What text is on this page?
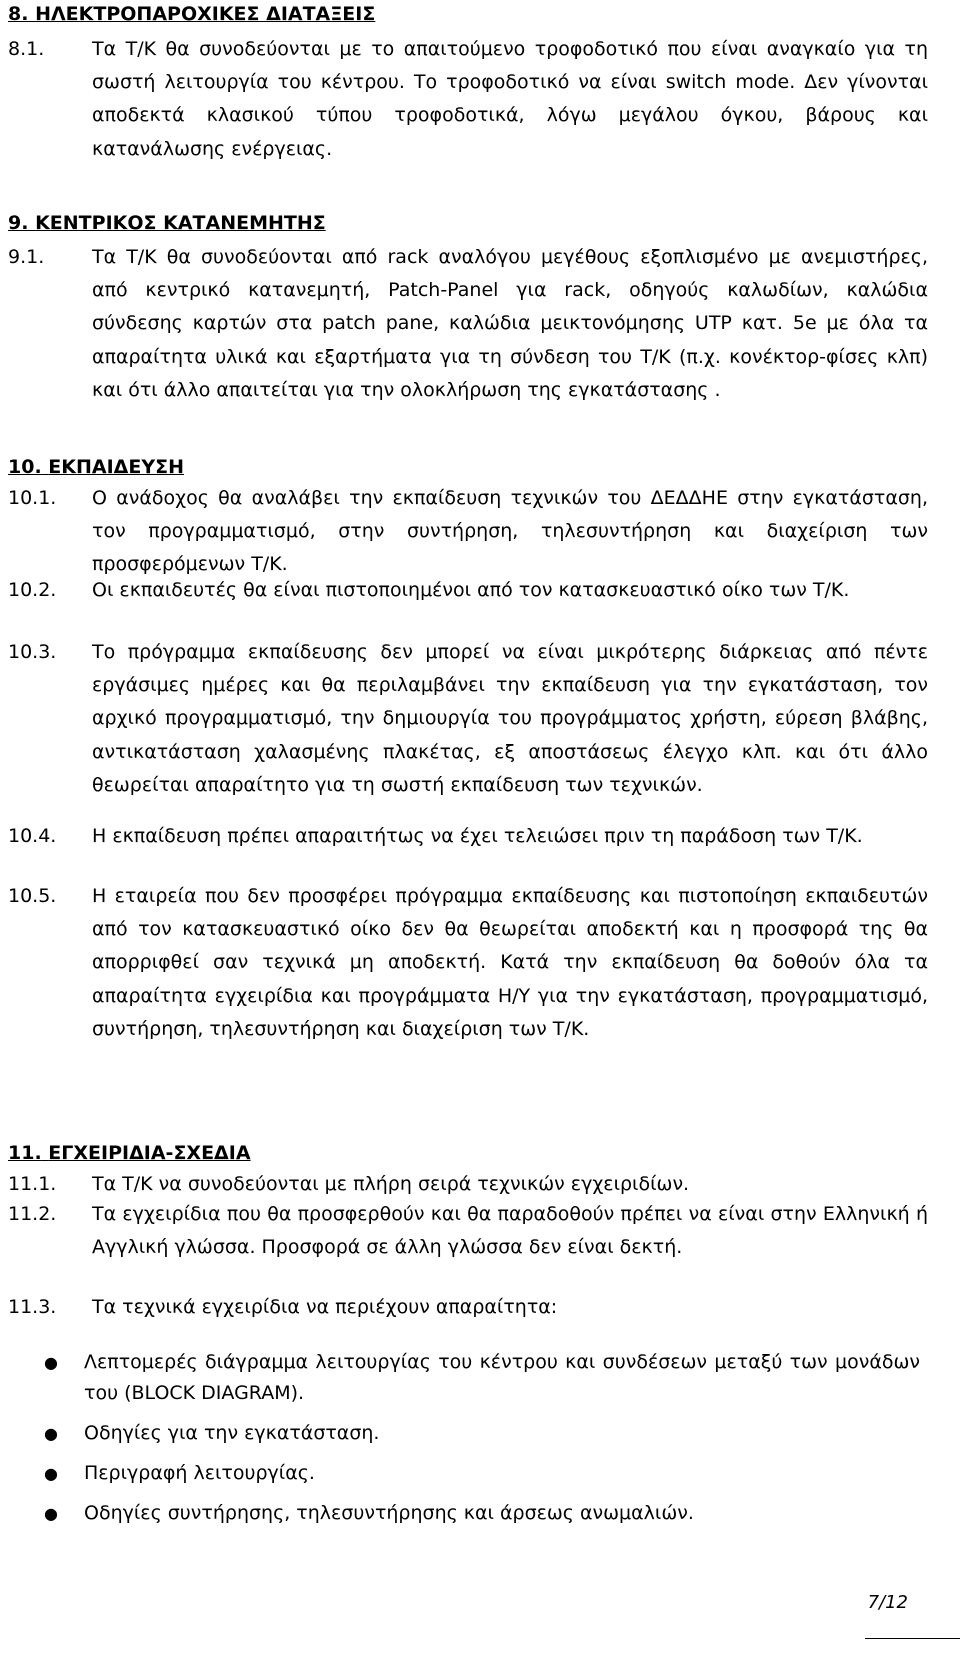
8. ΗΛΕΚΤΡΟΠΑΡΟΧΙΚΕΣ ΔΙΑΤΑΞΕΙΣ
8.1.	Τα Τ/Κ θα συνοδεύονται με το απαιτούμενο τροφοδοτικό που είναι αναγκαίο για τη σωστή λειτουργία του κέντρου. Το τροφοδοτικό να είναι switch mode. Δεν γίνονται αποδεκτά κλασικού τύπου τροφοδοτικά, λόγω μεγάλου όγκου, βάρους και κατανάλωσης ενέργειας.
9. ΚΕΝΤΡΙΚΟΣ ΚΑΤΑΝΕΜΗΤΗΣ
9.1.	Τα Τ/Κ θα συνοδεύονται από rack αναλόγου μεγέθους εξοπλισμένο με ανεμιστήρες, από κεντρικό κατανεμητή, Patch-Panel για rack, οδηγούς καλωδίων, καλώδια σύνδεσης καρτών στα patch pane, καλώδια μεικτονόμησης UTP κατ. 5e με όλα τα απαραίτητα υλικά και εξαρτήματα για τη σύνδεση του Τ/Κ (π.χ. κονέκτορ-φίσες κλπ) και ότι άλλο απαιτείται για την ολοκλήρωση της εγκατάστασης .
10. ΕΚΠΑΙΔΕΥΣΗ
10.1.	Ο ανάδοχος θα αναλάβει την εκπαίδευση τεχνικών του ΔΕΔΔΗΕ στην εγκατάσταση, τον προγραμματισμό, στην συντήρηση, τηλεσυντήρηση και διαχείριση των προσφερόμενων Τ/Κ.
10.2.	Οι εκπαιδευτές θα είναι πιστοποιημένοι από τον κατασκευαστικό οίκο των Τ/Κ.
10.3.	Το πρόγραμμα εκπαίδευσης δεν μπορεί να είναι μικρότερης διάρκειας από πέντε εργάσιμες ημέρες και θα περιλαμβάνει την εκπαίδευση για την εγκατάσταση, τον αρχικό προγραμματισμό, την δημιουργία του προγράμματος χρήστη, εύρεση βλάβης, αντικατάσταση χαλασμένης πλακέτας, εξ αποστάσεως έλεγχο κλπ. και ότι άλλο θεωρείται απαραίτητο για τη σωστή εκπαίδευση των τεχνικών.
10.4.	Η εκπαίδευση πρέπει απαραιτήτως να έχει τελειώσει πριν τη παράδοση των Τ/Κ.
10.5.	Η εταιρεία που δεν προσφέρει πρόγραμμα εκπαίδευσης και πιστοποίηση εκπαιδευτών από τον κατασκευαστικό οίκο δεν θα θεωρείται αποδεκτή και η προσφορά της θα απορριφθεί σαν τεχνικά μη αποδεκτή. Κατά την εκπαίδευση θα δοθούν όλα τα απαραίτητα εγχειρίδια και προγράμματα Η/Υ για την εγκατάσταση, προγραμματισμό, συντήρηση, τηλεσυντήρηση και διαχείριση των Τ/Κ.
11. ΕΓΧΕΙΡΙΔΙΑ-ΣΧΕΔΙΑ
11.1.	Τα Τ/Κ να συνοδεύονται με πλήρη σειρά τεχνικών εγχειριδίων.
11.2.	Τα εγχειρίδια που θα προσφερθούν και θα παραδοθούν πρέπει να είναι στην Ελληνική ή Αγγλική γλώσσα. Προσφορά σε άλλη γλώσσα δεν είναι δεκτή.
11.3.	Τα τεχνικά εγχειρίδια να περιέχουν απαραίτητα:
● Λεπτομερές διάγραμμα λειτουργίας του κέντρου και συνδέσεων μεταξύ των μονάδων του (BLOCK DIAGRAM).
● Οδηγίες για την εγκατάσταση.
● Περιγραφή λειτουργίας.
● Οδηγίες συντήρησης, τηλεσυντήρησης και άρσεως ανωμαλιών.
7/12
